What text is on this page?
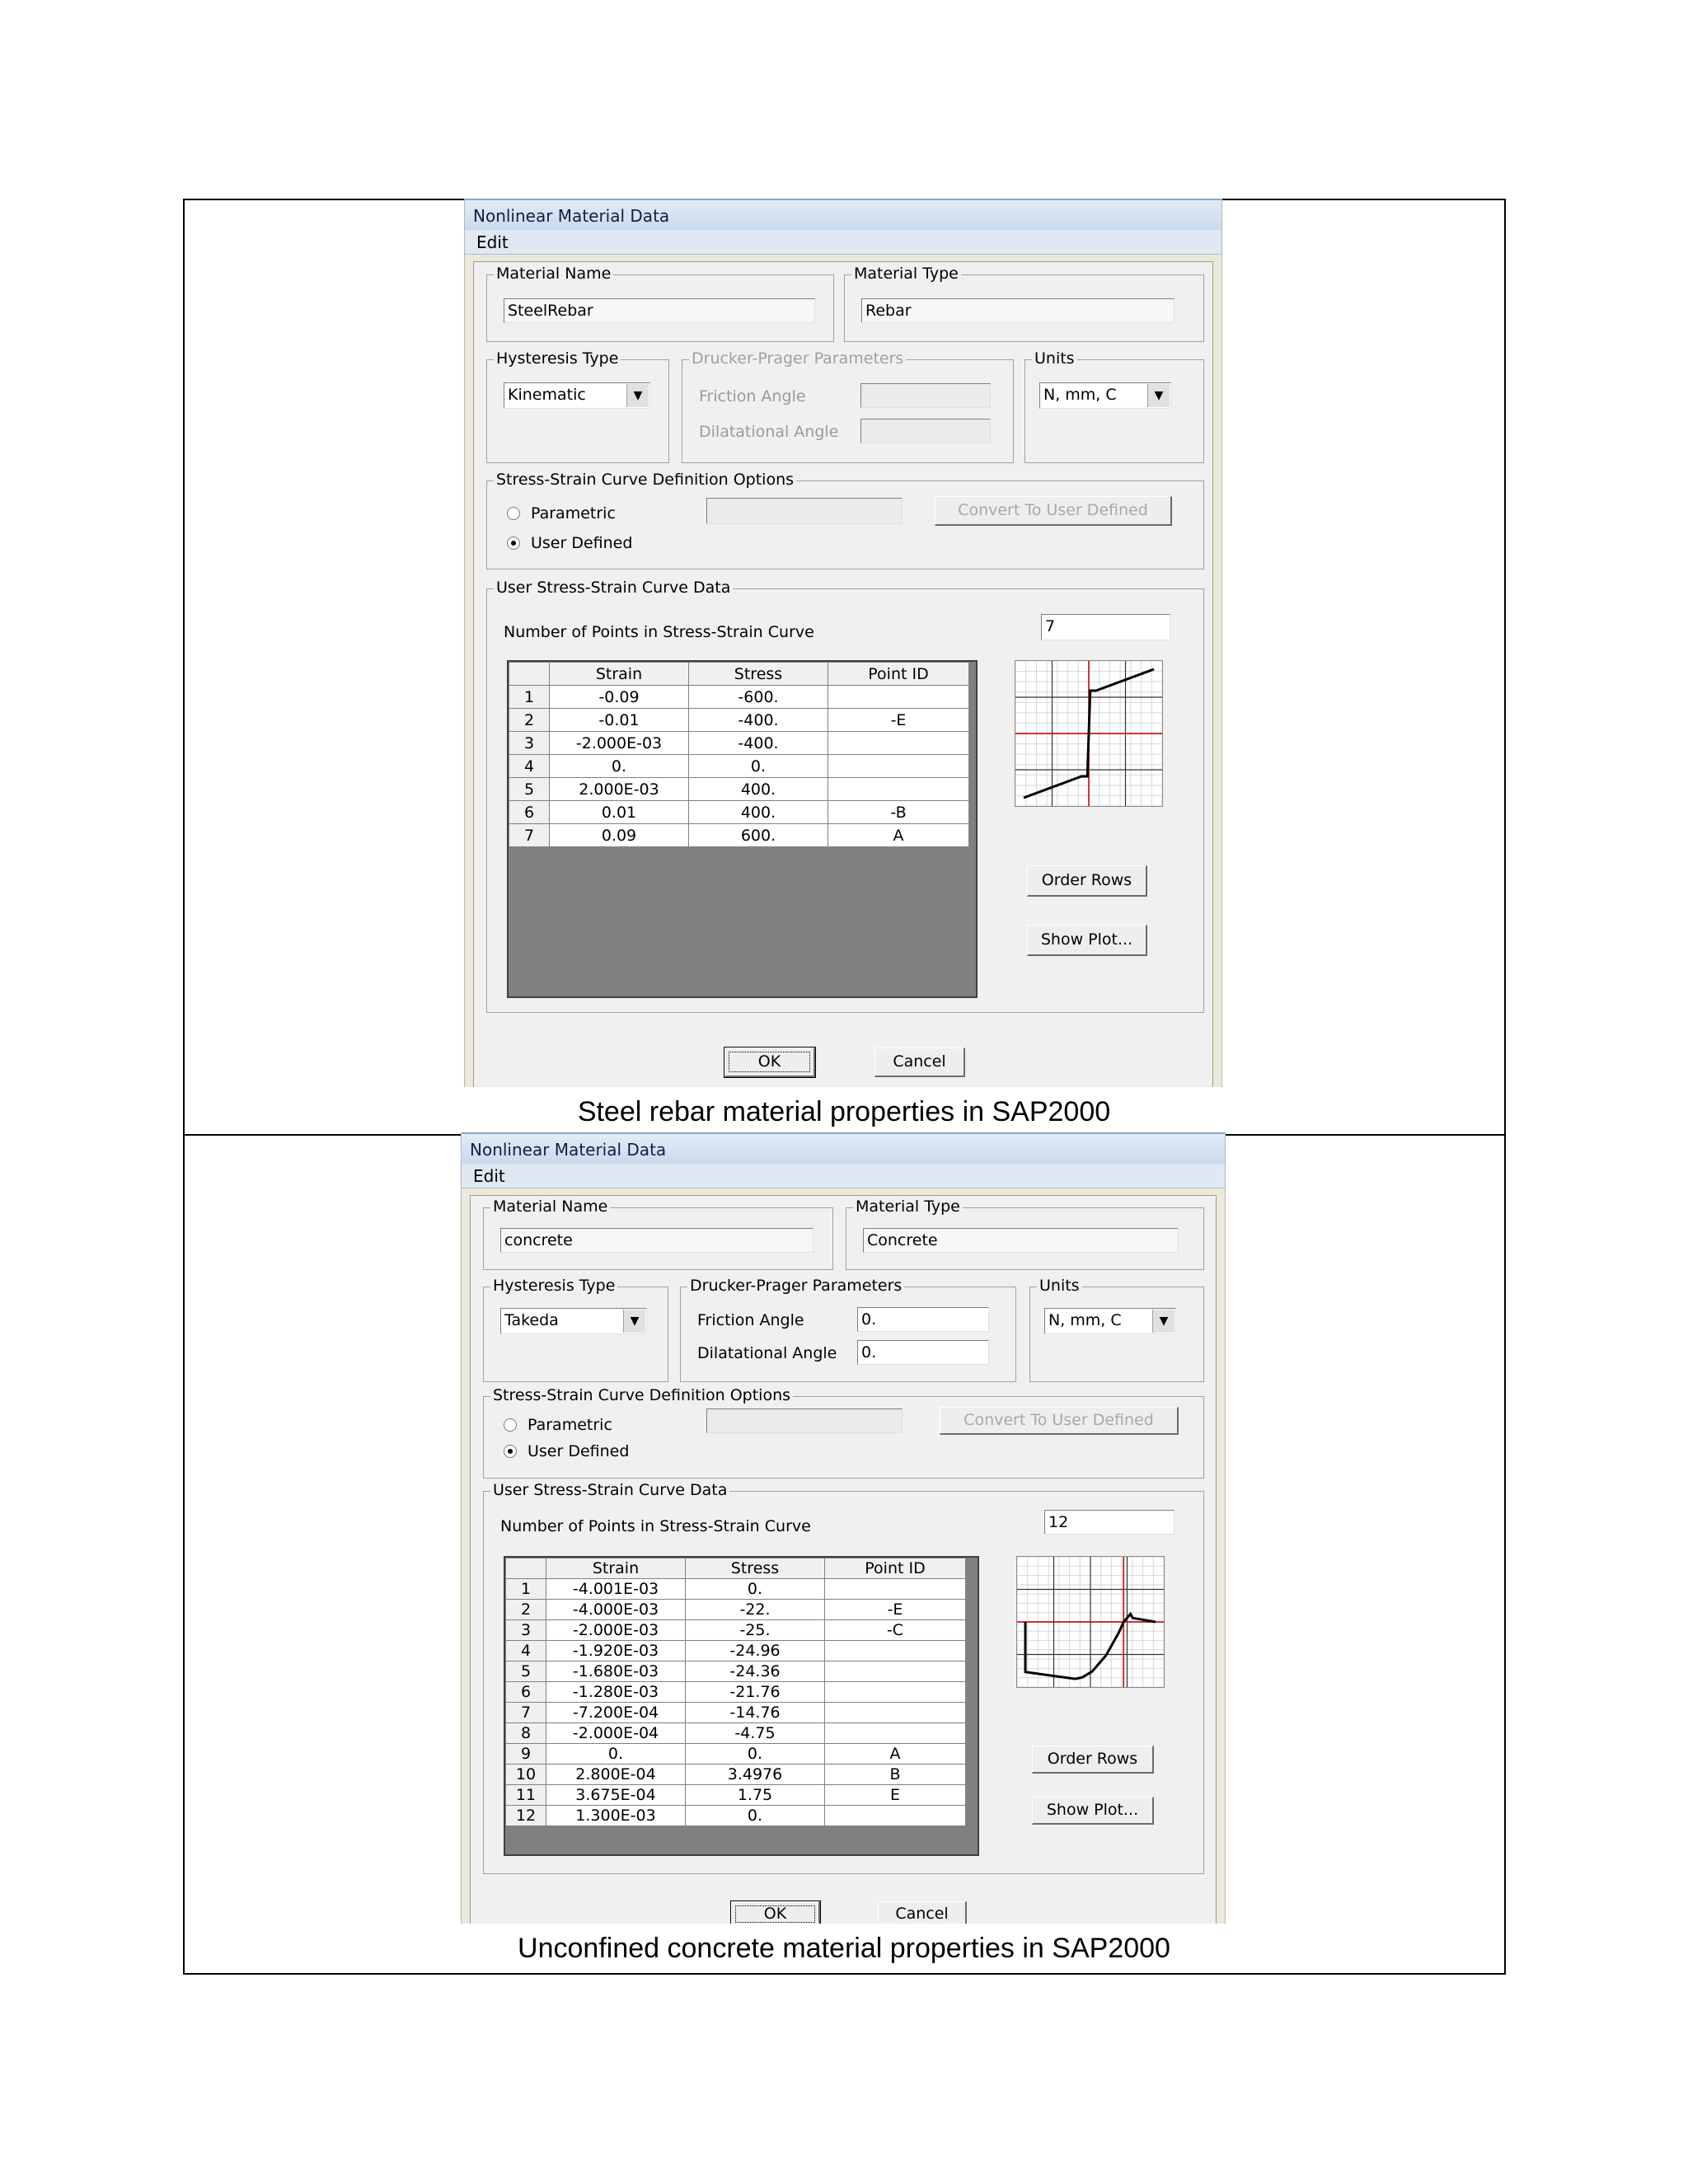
Nonlinear Material Data
Edit
Material Name
SteelRebar
Material Type
Rebar
Hysteresis Type
Kinematic	▼
Drucker-Prager Parameters
Friction Angle
Dilatational Angle
Units
N, mm, C	▼
Stress-Strain Curve Definition Options
Parametric
User Defined
Convert To User Defined
User Stress-Strain Curve Data
Number of Points in Stress-Strain Curve	7
	Strain	Stress	Point ID
1	-0.09	-600.	
2	-0.01	-400.	-E
3	-2.000E-03	-400.	
4	0.	0.	
5	2.000E-03	400.	
6	0.01	400.	-B
7	0.09	600.	A
Order Rows
Show Plot...
OK	Cancel
Steel rebar material properties in SAP2000
Nonlinear Material Data
Edit
Material Name
concrete
Material Type
Concrete
Hysteresis Type
Takeda	▼
Drucker-Prager Parameters
Friction Angle	0.
Dilatational Angle 0.
Units
N, mm, C	▼
Stress-Strain Curve Definition Options
Parametric
User Defined
Convert To User Defined
User Stress-Strain Curve Data
Number of Points in Stress-Strain Curve	12
	Strain	Stress	Point ID
1	-4.001E-03	0.	
2	-4.000E-03	-22.	-E
3	-2.000E-03	-25.	-C
4	-1.920E-03	-24.96	
5	-1.680E-03	-24.36	
6	-1.280E-03	-21.76	
7	-7.200E-04	-14.76	
8	-2.000E-04	-4.75	
9	0.	0.	A
10	2.800E-04	3.4976	B
11	3.675E-04	1.75	E
12	1.300E-03	0.	
Order Rows
Show Plot...
OK	Cancel
Unconfined concrete material properties in SAP2000
